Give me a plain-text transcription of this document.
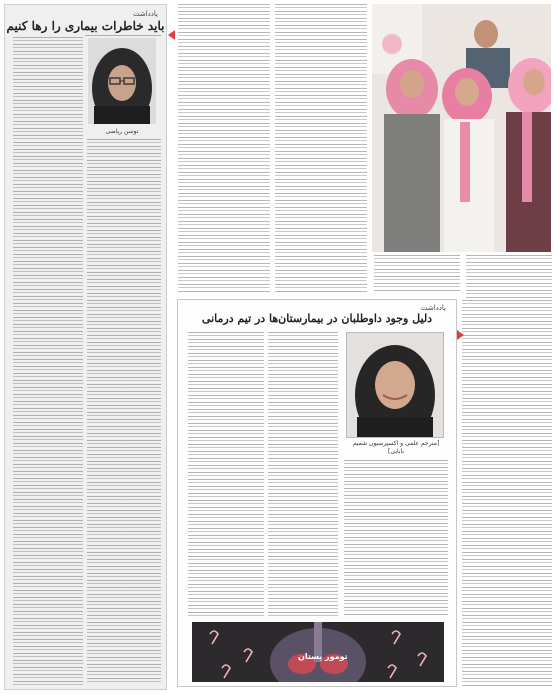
یادداشت
باید خاطرات بیماری را رها کنیم
توسن ریاضی
یادداشت
دلیل وجود داوطلبان در بیمارستان‌ها در تیم درمانی
[مترجم علمی و اکسپرسیون شمیم بابایی]
تومور پستان
